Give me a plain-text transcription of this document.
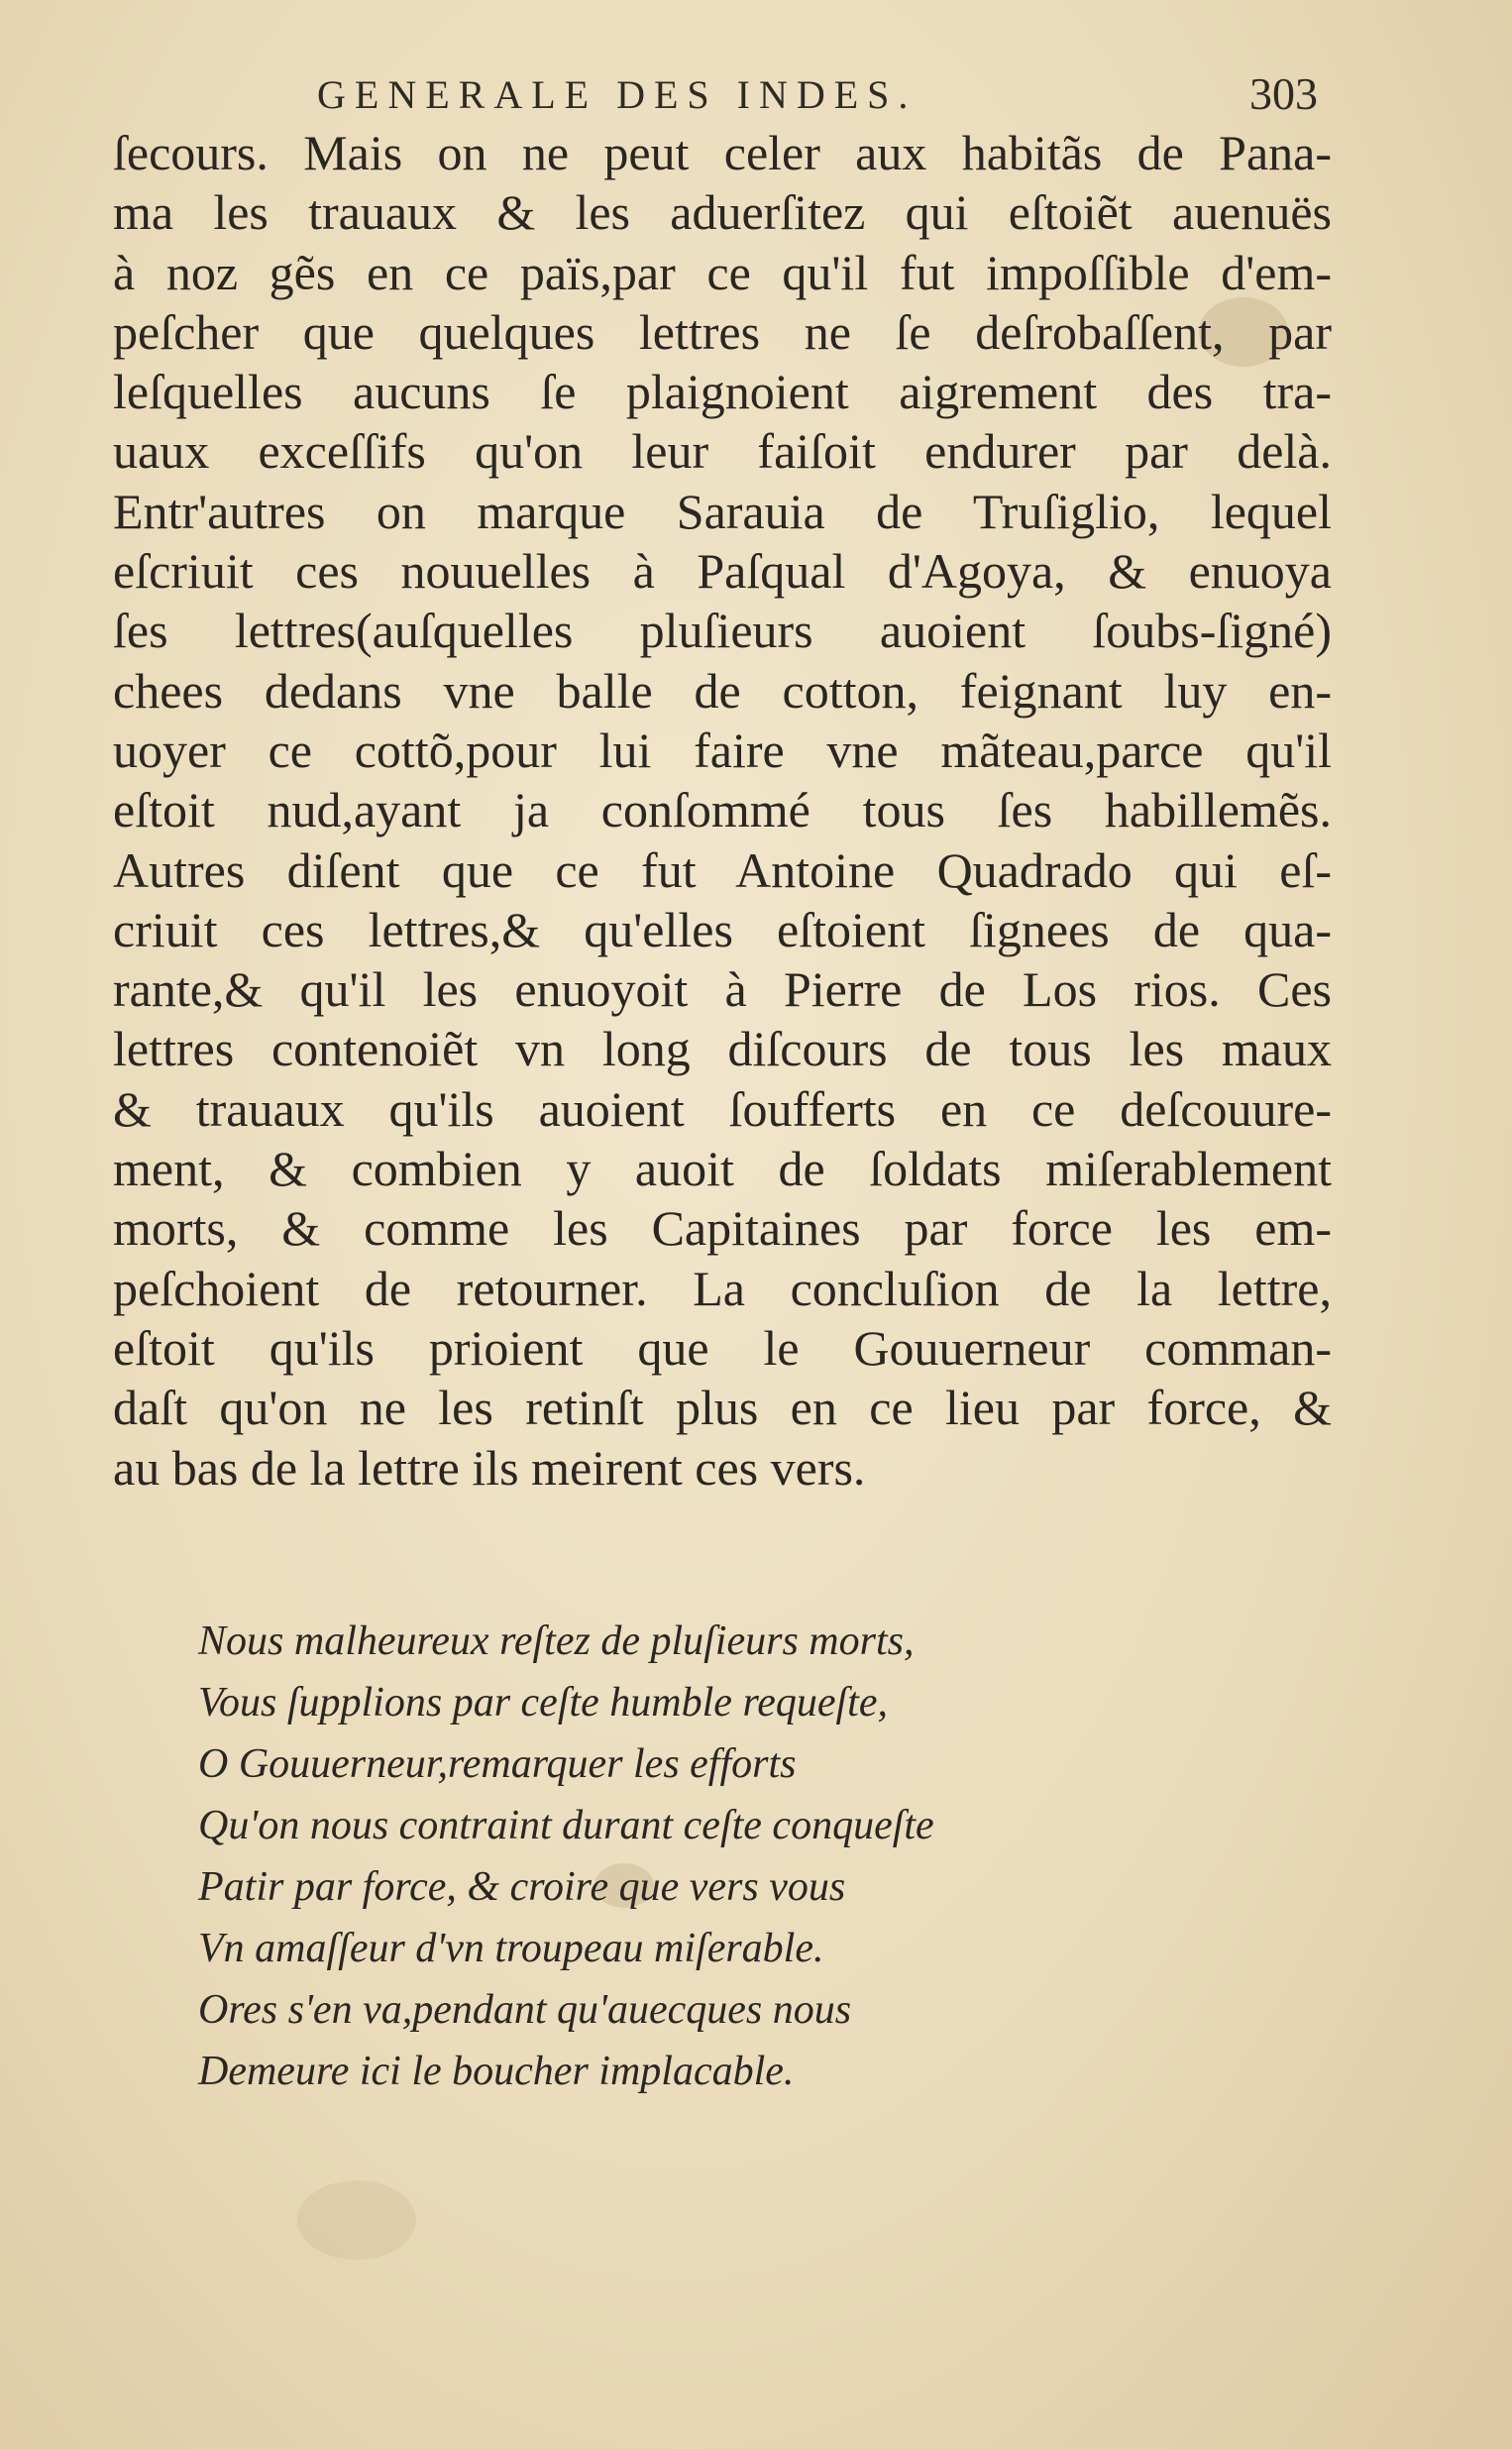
GENERALE DES INDES.	303
ſecours. Mais on ne peut celer aux habitãs de Pana-
ma les trauaux & les aduerſitez qui eſtoiẽt auenuës
à noz gẽs en ce païs,par ce qu'il fut impoſſible d'em-
peſcher que quelques lettres ne ſe deſrobaſſent, par
leſquelles aucuns ſe plaignoient aigrement des tra-
uaux exceſſifs qu'on leur faiſoit endurer par delà.
Entr'autres on marque Sarauia de Truſiglio, lequel
eſcriuit ces nouuelles à Paſqual d'Agoya, & enuoya
ſes lettres(auſquelles pluſieurs auoient ſoubs-ſigné)
chees dedans vne balle de cotton, feignant luy en-
uoyer ce cottõ,pour lui faire vne mãteau,parce qu'il
eſtoit nud,ayant ja conſommé tous ſes habillemẽs.
Autres diſent que ce fut Antoine Quadrado qui eſ-
criuit ces lettres,& qu'elles eſtoient ſignees de qua-
rante,& qu'il les enuoyoit à Pierre de Los rios. Ces
lettres contenoiẽt vn long diſcours de tous les maux
& trauaux qu'ils auoient ſoufferts en ce deſcouure-
ment, & combien y auoit de ſoldats miſerablement
morts, & comme les Capitaines par force les em-
peſchoient de retourner. La concluſion de la lettre,
eſtoit qu'ils prioient que le Gouuerneur comman-
daſt qu'on ne les retinſt plus en ce lieu par force, &
au bas de la lettre ils meirent ces vers.
Nous malheureux reſtez de pluſieurs morts,
Vous ſupplions par ceſte humble requeſte,
O Gouuerneur,remarquer les efforts
Qu'on nous contraint durant ceſte conqueſte
Patir par force, & croire que vers vous
Vn amaſſeur d'vn troupeau miſerable.
Ores s'en va,pendant qu'auecques nous
Demeure ici le boucher implacable.
